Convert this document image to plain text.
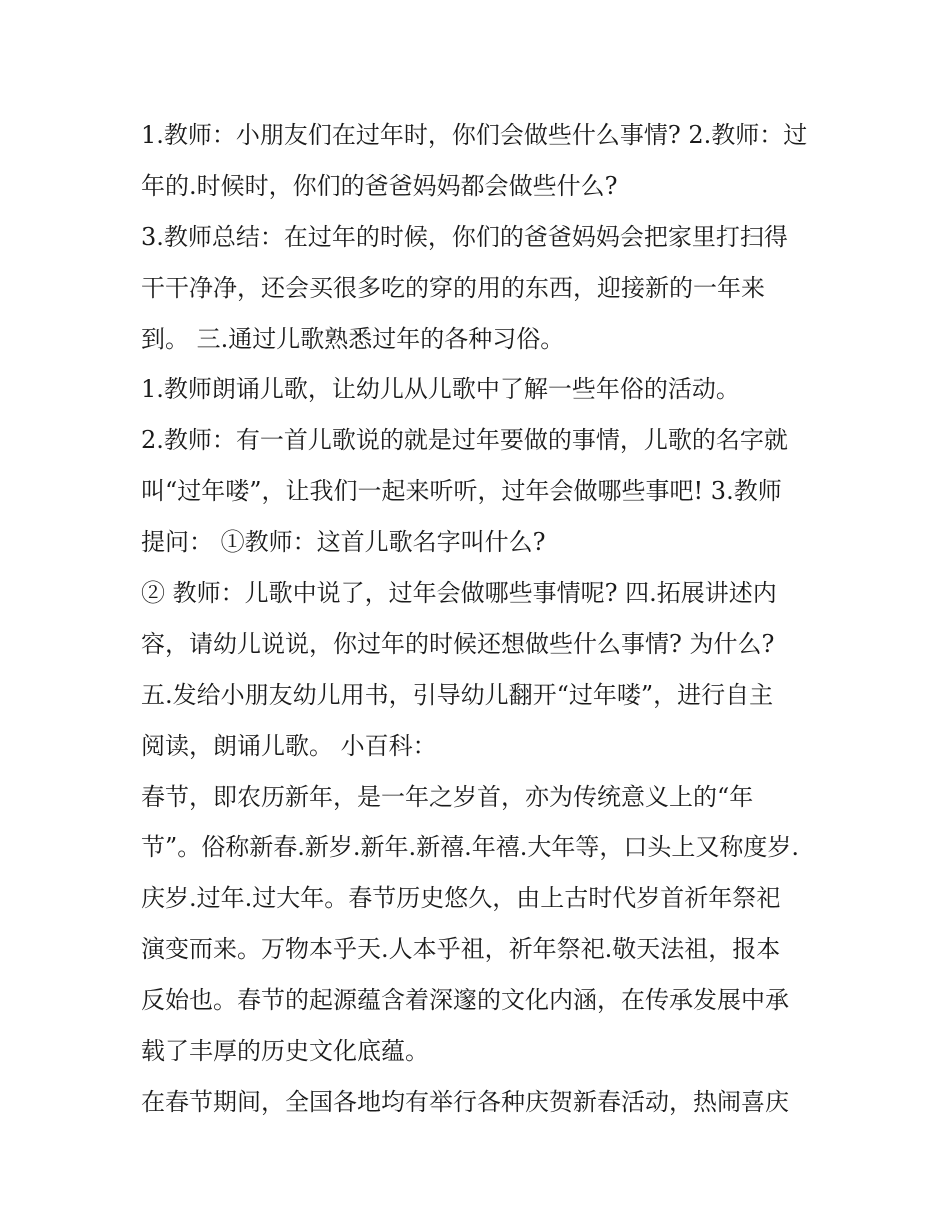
1.教师：小朋友们在过年时，你们会做些什么事情? 2.教师：过
年的.时候时，你们的爸爸妈妈都会做些什么?
3.教师总结：在过年的时候，你们的爸爸妈妈会把家里打扫得
干干净净，还会买很多吃的穿的用的东西，迎接新的一年来
到。 三.通过儿歌熟悉过年的各种习俗。
1.教师朗诵儿歌，让幼儿从儿歌中了解一些年俗的活动。
2.教师：有一首儿歌说的就是过年要做的事情，儿歌的名字就
叫“过年喽”，让我们一起来听听，过年会做哪些事吧! 3.教师
提问： ①教师：这首儿歌名字叫什么?
② 教师：儿歌中说了，过年会做哪些事情呢? 四.拓展讲述内
容，请幼儿说说，你过年的时候还想做些什么事情? 为什么?
五.发给小朋友幼儿用书，引导幼儿翻开“过年喽”，进行自主
阅读，朗诵儿歌。 小百科：
春节，即农历新年，是一年之岁首，亦为传统意义上的“年
节”。俗称新春.新岁.新年.新禧.年禧.大年等，口头上又称度岁.
庆岁.过年.过大年。春节历史悠久，由上古时代岁首祈年祭祀
演变而来。万物本乎天.人本乎祖，祈年祭祀.敬天法祖，报本
反始也。春节的起源蕴含着深邃的文化内涵，在传承发展中承
载了丰厚的历史文化底蕴。
在春节期间，全国各地均有举行各种庆贺新春活动，热闹喜庆
